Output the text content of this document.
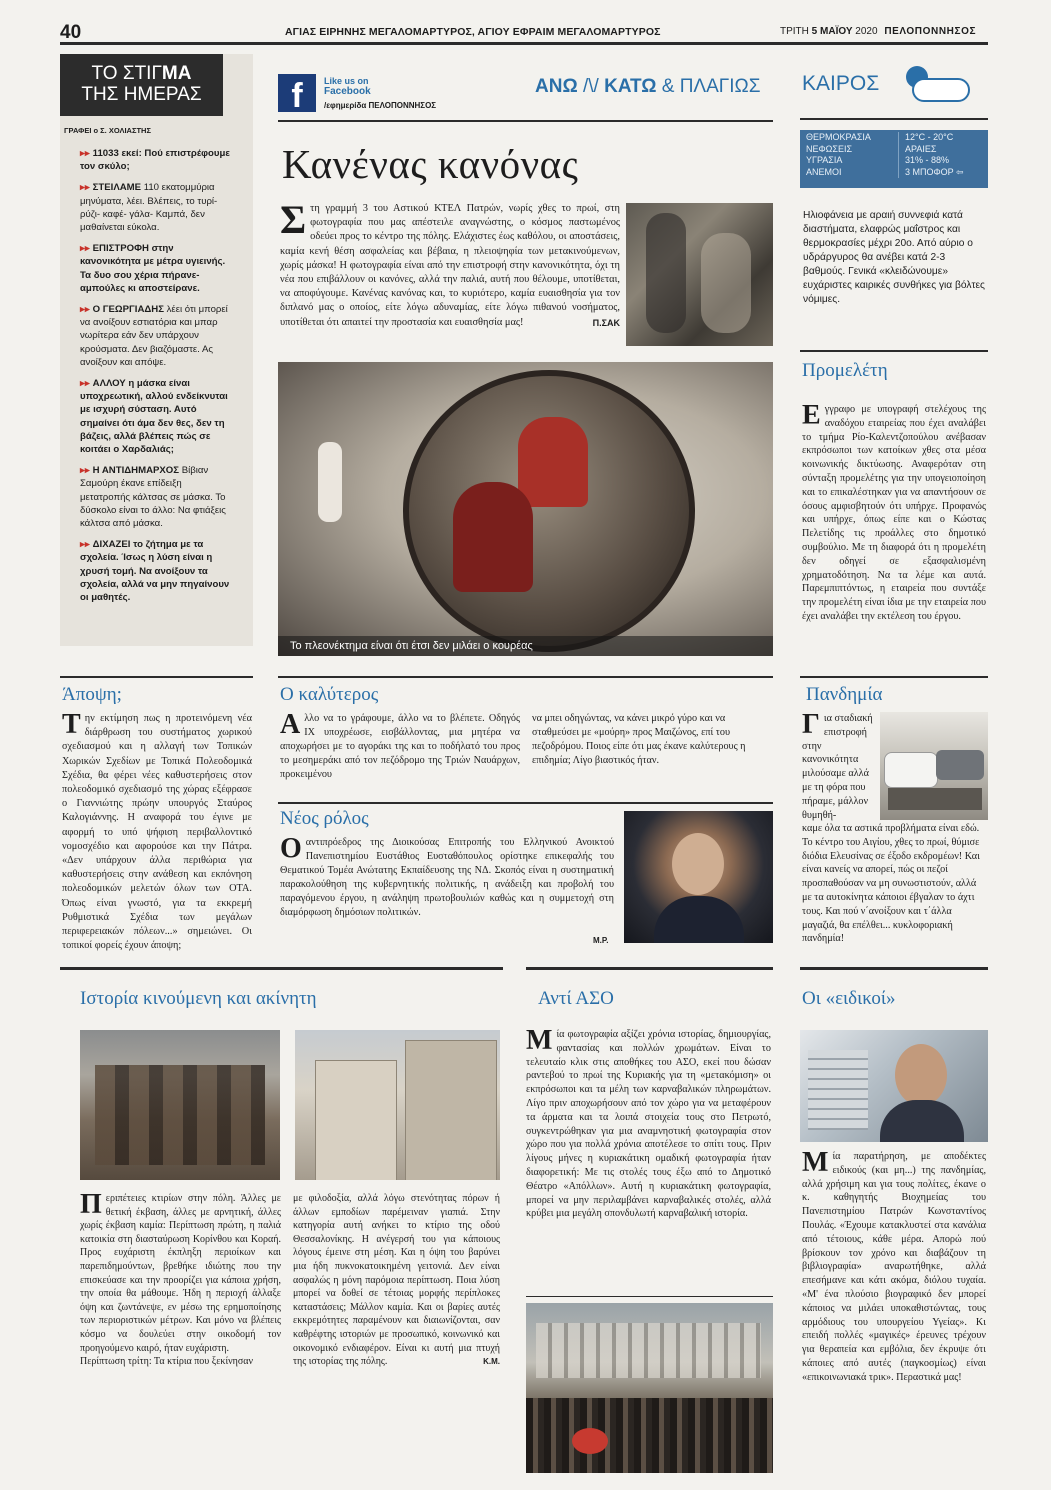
40	ΑΓΙΑΣ ΕΙΡΗΝΗΣ ΜΕΓΑΛΟΜΑΡΤΥΡΟΣ, ΑΓΙΟΥ ΕΦΡΑΙΜ ΜΕΓΑΛΟΜΑΡΤΥΡΟΣ	ΤΡΙΤΗ 5 ΜΑΪΟΥ 2020 ΠΕΛΟΠΟΝΝΗΣΟΣ
ΤΟ ΣΤΙΓΜΑ
ΤΗΣ ΗΜΕΡΑΣ
ΓΡΑΦΕΙ ο Σ. ΧΟΛΙΑΣΤΗΣ
▸▸ 11033 εκεί: Πού επιστρέφουμε τον σκύλο;
▸▸ ΣΤΕΙΛΑΜΕ 110 εκατομμύρια μηνύματα, λέει. Βλέπεις, το τυρί- ρύζι- καφέ- γάλα- Καμπά, δεν μαθαίνεται εύκολα.
▸▸ ΕΠΙΣΤΡΟΦΗ στην κανονικότητα με μέτρα υγιεινής. Τα δυο σου χέρια πήρανε- αμπούλες κι αποστείρανε.
▸▸ Ο ΓΕΩΡΓΙΑΔΗΣ λέει ότι μπορεί να ανοίξουν εστιατόρια και μπαρ νωρίτερα εάν δεν υπάρχουν κρούσματα. Δεν βιαζόμαστε. Ας ανοίξουν και απόψε.
▸▸ ΑΛΛΟΥ η μάσκα είναι υποχρεωτική, αλλού ενδείκνυται με ισχυρή σύσταση. Αυτό σημαίνει ότι άμα δεν θες, δεν τη βάζεις, αλλά βλέπεις πώς σε κοιτάει ο Χαρδαλιάς;
▸▸ Η ΑΝΤΙΔΗΜΑΡΧΟΣ Βίβιαν Σαμούρη έκανε επίδειξη μετατροπής κάλτσας σε μάσκα. Το δύσκολο είναι το άλλο: Να φτιάξεις κάλτσα από μάσκα.
▸▸ ΔΙΧΑΖΕΙ το ζήτημα με τα σχολεία. Ίσως η λύση είναι η χρυσή τομή. Να ανοίξουν τα σχολεία, αλλά να μην πηγαίνουν οι μαθητές.
f	Like us on
Facebook
/εφημερίδα ΠΕΛΟΠΟΝΝΗΣΟΣ
ΑΝΩ /\/ ΚΑΤΩ & ΠΛΑΓΙΩΣ
Κανένας κανόνας
Σ τη γραμμή 3 του Αστικού ΚΤΕΛ Πατρών, νωρίς χθες το πρωί, στη φωτογραφία που μας απέστειλε αναγνώστης, ο κόσμος παστωμένος οδεύει προς το κέντρο της πόλης. Ελάχιστες έως καθόλου, οι αποστάσεις, καμία κενή θέση ασφαλείας και βέβαια, η πλειοψηφία των μετακινούμενων, χωρίς μάσκα! Η φωτογραφία είναι από την επιστροφή στην κανονικότητα, όχι τη νέα που επιβάλλουν οι κανόνες, αλλά την παλιά, αυτή που θέλουμε, υποτίθεται, να αποφύγουμε. Κανένας κανόνας και, το κυριότερο, καμία ευαισθησία για τον διπλανό μας ο οποίος, είτε λόγω αδυναμίας, είτε λόγω πιθανού νοσήματος, υποτίθεται ότι απαιτεί την προστασία και ευαισθησία μας!	Π.ΣΑΚ
Το πλεονέκτημα είναι ότι έτσι δεν μιλάει ο κουρέας
ΚΑΙΡΟΣ
ΘΕΡΜΟΚΡΑΣΙΑ	12°C - 20°C
ΝΕΦΩΣΕΙΣ	ΑΡΑΙΕΣ
ΥΓΡΑΣΙΑ	31% - 88%
ΑΝΕΜΟΙ	3 ΜΠΟΦΟΡ ⇦
Ηλιοφάνεια με αραιή συννεφιά κατά διαστήματα, ελαφρώς μαΐστρος και θερμοκρασίες μέχρι 20ο. Από αύριο ο υδράργυρος θα ανέβει κατά 2-3 βαθμούς. Γενικά «κλειδώνουμε» ευχάριστες καιρικές συνθήκες για βόλτες νόμιμες.
Προμελέτη
Ε γγραφο με υπογραφή στελέχους της αναδόχου εταιρείας που έχει αναλάβει το τμήμα Ρίο-Καλεντζοπούλου ανέβασαν εκπρόσωποι των κατοίκων χθες στα μέσα κοινωνικής δικτύωσης. Αναφερόταν στη σύνταξη προμελέτης για την υπογειοποίηση και το επικαλέστηκαν για να απαντήσουν σε όσους αμφισβητούν ότι υπήρχε. Προφανώς και υπήρχε, όπως είπε και ο Κώστας Πελετίδης τις προάλλες στο δημοτικό συμβούλιο. Με τη διαφορά ότι η προμελέτη δεν οδηγεί σε εξασφαλισμένη χρηματοδότηση. Να τα λέμε και αυτά. Παρεμπιπτόντως, η εταιρεία που συντάξε την προμελέτη είναι ίδια με την εταιρεία που έχει αναλάβει την εκτέλεση του έργου.
Άποψη;
Τ ην εκτίμηση πως η προτεινόμενη νέα διάρθρωση του συστήματος χωρικού σχεδιασμού και η αλλαγή των Τοπικών Χωρικών Σχεδίων με Τοπικά Πολεοδομικά Σχέδια, θα φέρει νέες καθυστερήσεις στον πολεοδομικό σχεδιασμό της χώρας εξέφρασε ο Γιαννιώτης πρώην υπουργός Σταύρος Καλογιάννης. Η αναφορά του έγινε με αφορμή το υπό ψήφιση περιβαλλοντικό νομοσχέδιο και αφορούσε και την Πάτρα. «Δεν υπάρχουν άλλα περιθώρια για καθυστερήσεις στην ανάθεση και εκπόνηση πολεοδομικών μελετών όλων των ΟΤΑ. Όπως είναι γνωστό, για τα εκκρεμή Ρυθμιστικά Σχέδια των μεγάλων περιφερειακών πόλεων...» σημειώνει. Οι τοπικοί φορείς έχουν άποψη;
Ο καλύτερος
Α λλο να το γράφουμε, άλλο να το βλέπετε. Οδηγός ΙΧ υποχρέωσε, εισβάλλοντας, μια μητέρα να αποχωρήσει με το αγοράκι της και το ποδήλατό του προς το μεσημεράκι από τον πεζόδρομο της Τριών Ναυάρχων, προκειμένου
να μπει οδηγώντας, να κάνει μικρό γύρο και να σταθμεύσει με «μούρη» προς Μαιζώνος, επί του πεζοδρόμου. Ποιος είπε ότι μας έκανε καλύτερους η επιδημία; Λίγο βιαστικός ήταν.
Νέος ρόλος
Ο αντιπρόεδρος της Διοικούσας Επιτροπής του Ελληνικού Ανοικτού Πανεπιστημίου Ευστάθιος Ευσταθόπουλος ορίστηκε επικεφαλής του Θεματικού Τομέα Ανώτατης Εκπαίδευσης της ΝΔ. Σκοπός είναι η συστηματική παρακολούθηση της κυβερνητικής πολιτικής, η ανάδειξη και προβολή του παραγόμενου έργου, η ανάληψη πρωτοβουλιών καθώς και η συμμετοχή στη διαμόρφωση δημόσιων πολιτικών.
Μ.Ρ.
Πανδημία
Γ ια σταδιακή επιστροφή στην κανονικότητα μιλούσαμε αλλά με τη φόρα που πήραμε, μάλλον θυμηθή-
καμε όλα τα αστικά προβλήματα είναι εδώ. Το κέντρο του Αιγίου, χθες το πρωί, θύμισε διόδια Ελευσίνας σε έξοδο εκδρομέων! Και είναι κανείς να απορεί, πώς οι πεζοί προσπαθούσαν να μη συνωστιστούν, αλλά με τα αυτοκίνητα κάποιοι έβγαλαν το άχτι τους. Και πού ν΄ανοίξουν και τ΄άλλα μαγαζιά, θα επέλθει... κυκλοφοριακή πανδημία!
Ιστορία κινούμενη και ακίνητη
Π εριπέτειες κτιρίων στην πόλη. Άλλες με θετική έκβαση, άλλες με αρνητική, άλλες χωρίς έκβαση καμία: Περίπτωση πρώτη, η παλιά κατοικία στη διασταύρωση Κορίνθου και Κοραή. Προς ευχάριστη έκπληξη περιοίκων και παρεπιδημούντων, βρεθήκε ιδιώτης που την επισκεύασε και την προορίζει για κάποια χρήση, την οποία θα μάθουμε. Ήδη η περιοχή άλλαξε όψη και ζωντάνεψε, εν μέσω της ερημοποίησης των περιοριστικών μέτρων. Και μόνο να βλέπεις κόσμο να δουλεύει στην οικοδομή τον προηγούμενο καιρό, ήταν ευχάριστη.
Περίπτωση τρίτη: Τα κτίρια που ξεκίνησαν
με φιλοδοξία, αλλά λόγω στενότητας πόρων ή άλλων εμποδίων παρέμειναν γιαπιά. Στην κατηγορία αυτή ανήκει το κτίριο της οδού Θεσσαλονίκης. Η ανέγερσή του για κάποιους λόγους έμεινε στη μέση. Και η όψη του βαρύνει μια ήδη πυκνοκατοικημένη γειτονιά. Δεν είναι ασφαλώς η μόνη παρόμοια περίπτωση. Ποια λύση μπορεί να δοθεί σε τέτοιας μορφής περίπλοκες καταστάσεις; Μάλλον καμία. Και οι βαρίες αυτές εκκρεμότητες παραμένουν και διαιωνίζονται, σαν καθρέφτης ιστοριών με προσωπικό, κοινωνικό και οικονομικό ενδιαφέρον. Είναι κι αυτή μια πτυχή της ιστορίας της πόλης.	Κ.Μ.
Αντί ΑΣΟ
Μ ία φωτογραφία αξίζει χρόνια ιστορίας, δημιουργίας, φαντασίας και πολλών χρωμάτων. Είναι το τελευταίο κλικ στις αποθήκες του ΑΣΟ, εκεί που δώσαν ραντεβού το πρωί της Κυριακής για τη «μετακόμιση» οι εκπρόσωποι και τα μέλη των καρναβαλικών πληρωμάτων. Λίγο πριν αποχωρήσουν από τον χώρο για να μεταφέρουν τα άρματα και τα λοιπά στοιχεία τους στο Πετρωτό, συγκεντρώθηκαν για μια αναμνηστική φωτογραφία στον χώρο που για πολλά χρόνια αποτέλεσε το σπίτι τους. Πριν λίγους μήνες η κυριακάτικη ομαδική φωτογραφία ήταν διαφορετική: Με τις στολές τους έξω από το Δημοτικό Θέατρο «Απόλλων». Αυτή η κυριακάτικη φωτογραφία, μπορεί να μην περιλαμβάνει καρναβαλικές στολές, αλλά κρύβει μια μεγάλη σπονδυλωτή καρναβαλική ιστορία.
Οι «ειδικοί»
Μ ία παρατήρηση, με αποδέκτες ειδικούς (και μη...) της πανδημίας, αλλά χρήσιμη και για τους πολίτες, έκανε ο κ. καθηγητής Βιοχημείας του Πανεπιστημίου Πατρών Κωνσταντίνος Πουλάς. «Έχουμε κατακλυστεί στα κανάλια από τέτοιους, κάθε μέρα. Απορώ πού βρίσκουν τον χρόνο και διαβάζουν τη βιβλιογραφία» αναρωτήθηκε, αλλά επεσήμανε και κάτι ακόμα, διόλου τυχαία. «Μ' ένα πλούσιο βιογραφικό δεν μπορεί κάποιος να μιλάει υποκαθιστώντας, τους αρμόδιους του υπουργείου Υγείας». Κι επειδή πολλές «μαγικές» έρευνες τρέχουν για θεραπεία και εμβόλια, δεν έκρυψε ότι κάποιες από αυτές (παγκοσμίως) είναι «επικοινωνιακά τρικ». Περαστικά μας!
